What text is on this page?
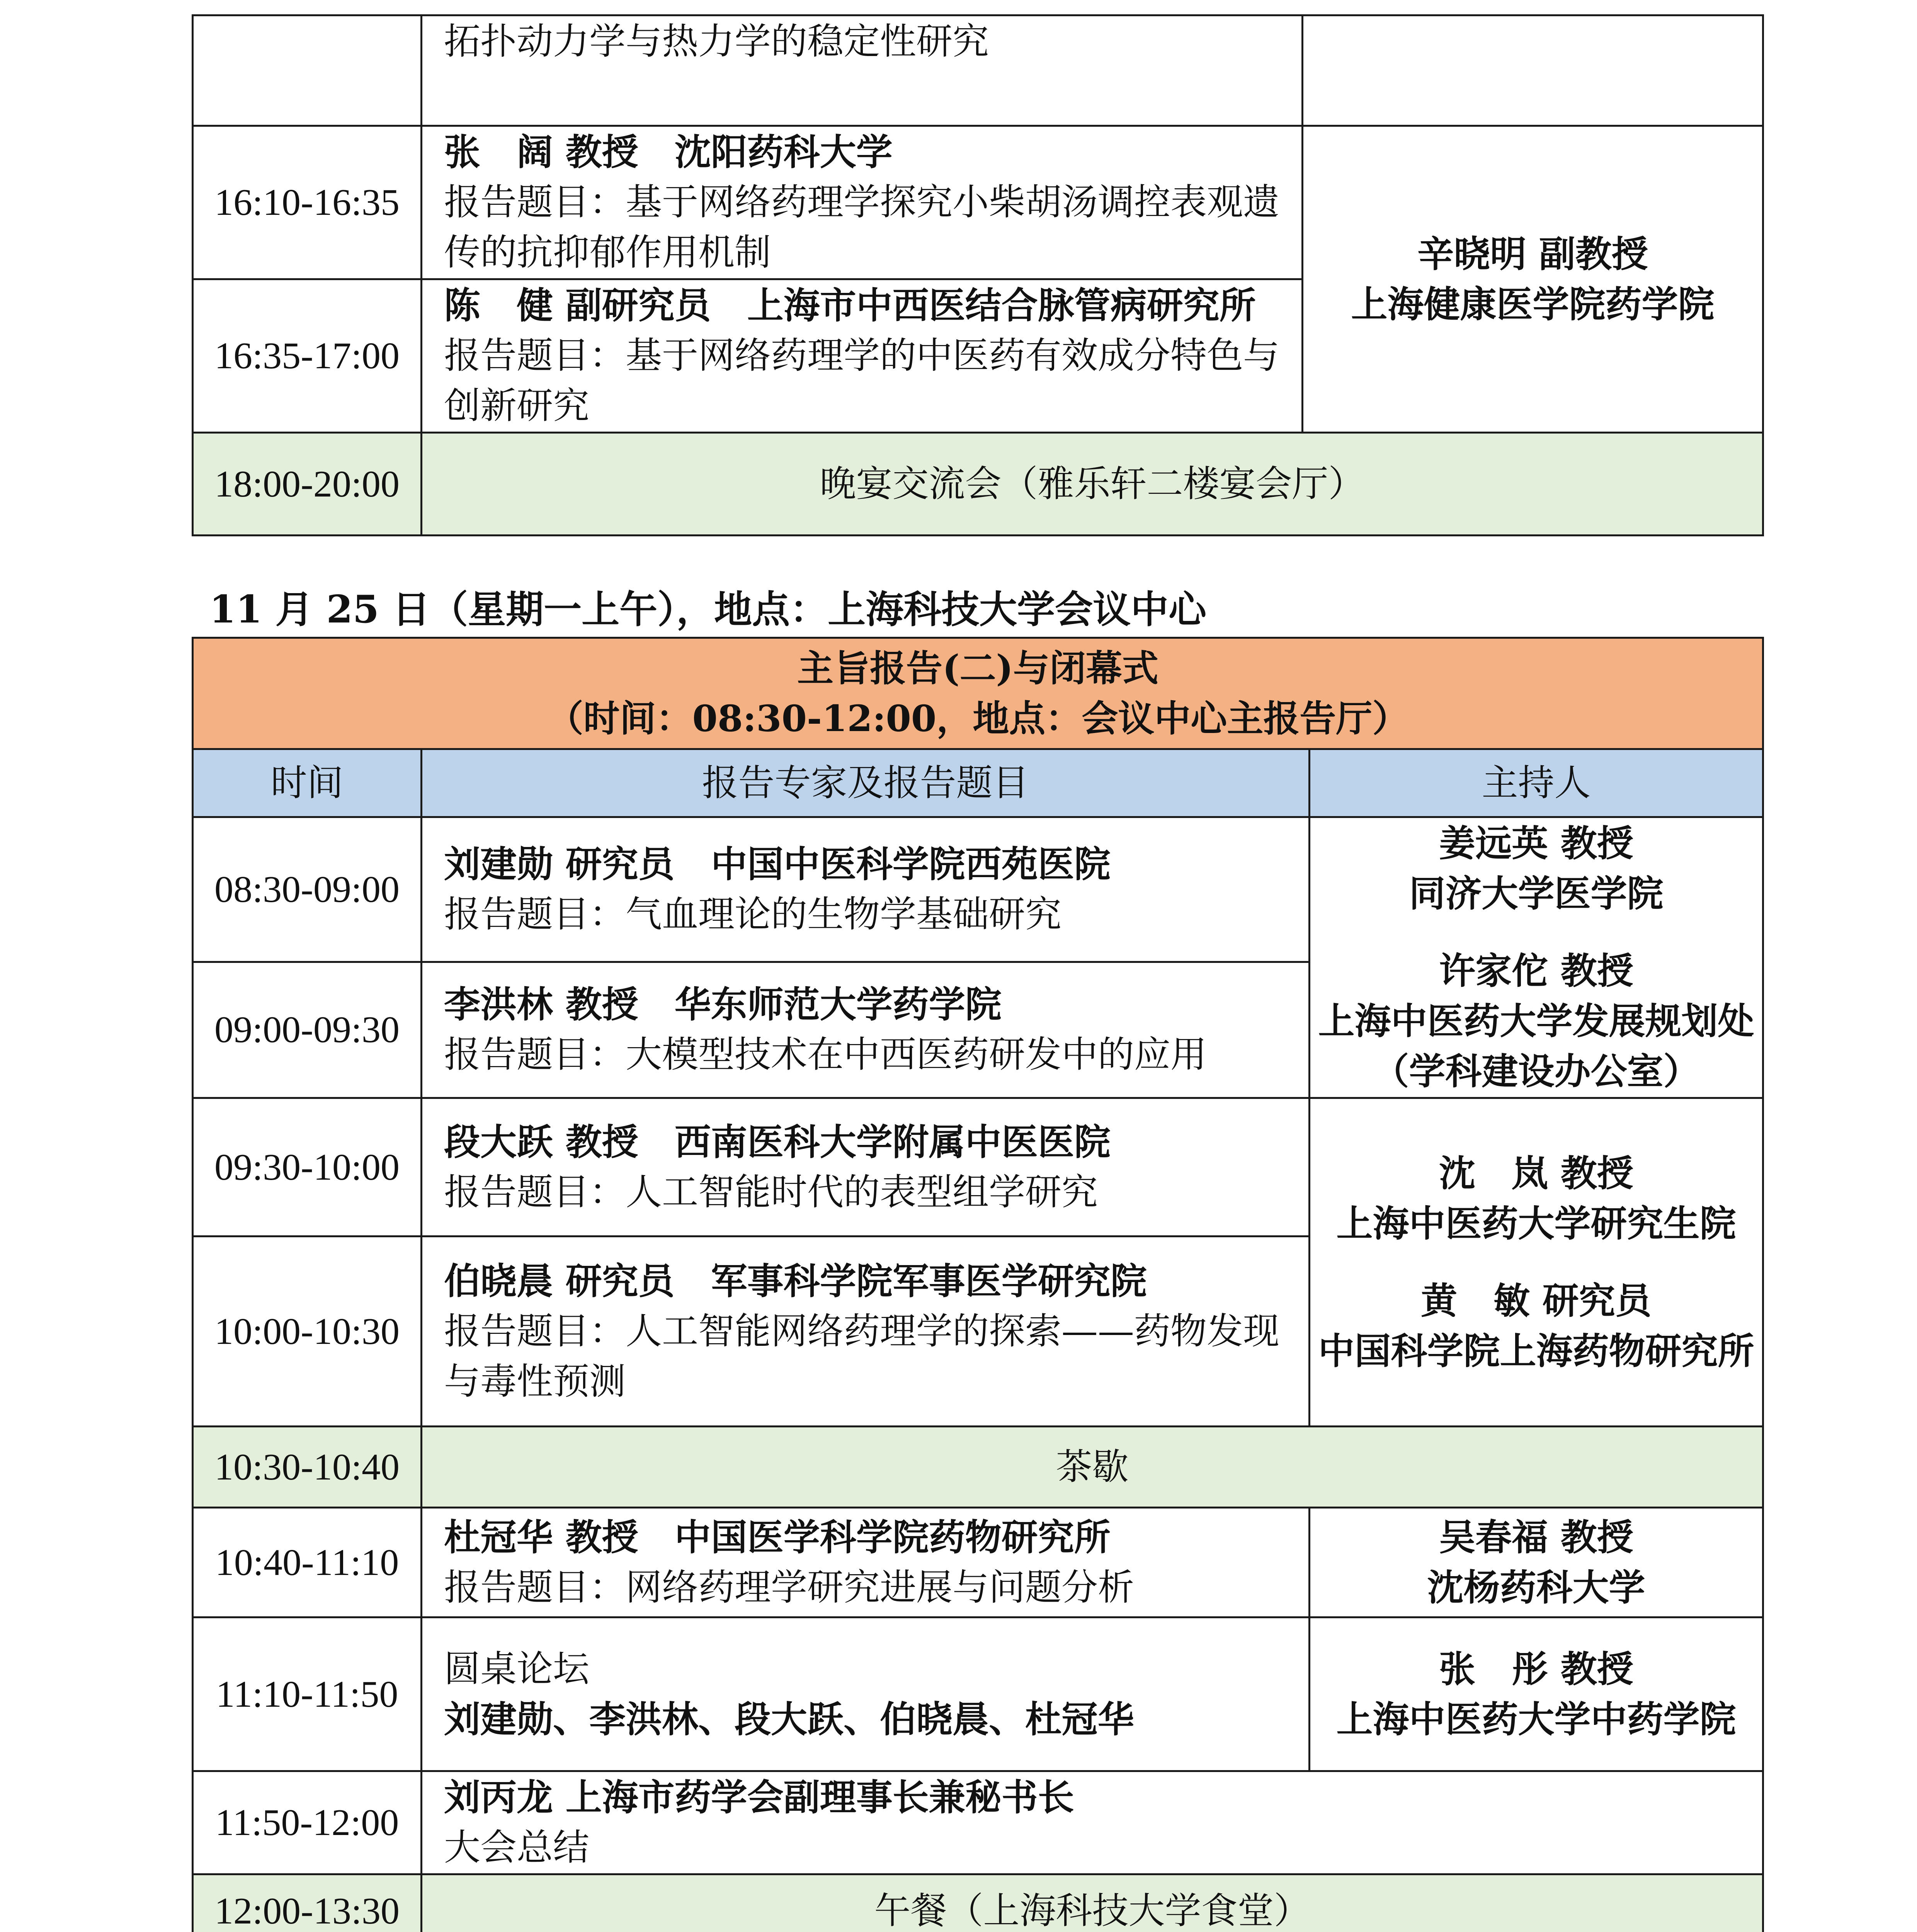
	拓扑动力学与热力学的稳定性研究	

16:10-16:35	张　阔 教授　沈阳药科大学
报告题目：基于网络药理学探究小柴胡汤调控表观遗传的抗抑郁作用机制	辛晓明 副教授
上海健康医学院药学院

16:35-17:00	陈　健 副研究员　上海市中西医结合脉管病研究所
报告题目：基于网络药理学的中医药有效成分特色与创新研究	

18:00-20:00	晚宴交流会（雅乐轩二楼宴会厅）	
11 月 25 日（星期一上午），地点：上海科技大学会议中心
主旨报告(二)与闭幕式
（时间：08:30-12:00，地点：会议中心主报告厅）		

时间	报告专家及报告题目	主持人
08:30-09:00	刘建勋 研究员　中国中医科学院西苑医院
报告题目：气血理论的生物学基础研究	姜远英 教授
同济大学医学院
许家佗 教授
上海中医药大学发展规划处（学科建设办公室）

09:00-09:30	李洪林 教授　华东师范大学药学院
报告题目：大模型技术在中西医药研发中的应用	

09:30-10:00	段大跃 教授　西南医科大学附属中医医院
报告题目：人工智能时代的表型组学研究	沈　岚 教授
上海中医药大学研究生院
黄　敏 研究员
中国科学院上海药物研究所

10:00-10:30	伯晓晨 研究员　军事科学院军事医学研究院
报告题目：人工智能网络药理学的探索——药物发现与毒性预测	

10:30-10:40	茶歇	
10:40-11:10	杜冠华 教授　中国医学科学院药物研究所
报告题目：网络药理学研究进展与问题分析	吴春福 教授
沈杨药科大学

11:10-11:50	圆桌论坛
刘建勋、李洪林、段大跃、伯晓晨、杜冠华	张　彤 教授
上海中医药大学中药学院

11:50-12:00	刘丙龙 上海市药学会副理事长兼秘书长
大会总结	

12:00-13:30	午餐（上海科技大学食堂）	
